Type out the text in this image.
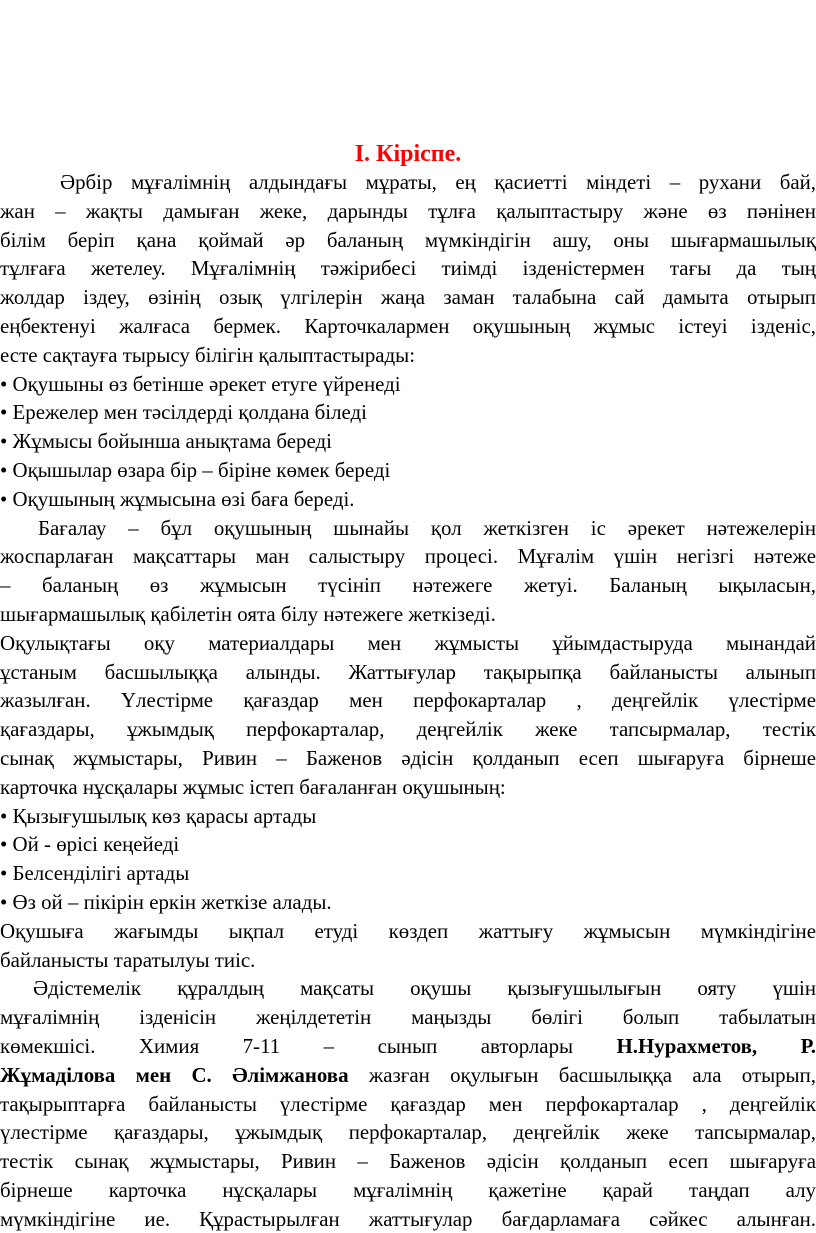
I. Кіріспе.
Әрбір мұғалімнің алдындағы мұраты, ең қасиетті міндеті – рухани бай,
жан – жақты дамыған жеке, дарынды тұлға қалыптастыру және өз пәнінен
білім беріп қана қоймай әр баланың мүмкіндігін ашу, оны шығармашылық
тұлғаға жетелеу. Мұғалімнің тәжірибесі тиімді ізденістермен тағы да тың
жолдар іздеу, өзінің озық үлгілерін жаңа заман талабына сай дамыта отырып
еңбектенуі жалғаса бермек. Карточкалармен оқушының жұмыс істеуі ізденіс,
есте сақтауға тырысу білігін қалыптастырады:
• Оқушыны өз бетінше әрекет етуге үйренеді
• Ережелер мен тәсілдерді қолдана біледі
• Жұмысы бойынша анықтама береді
• Оқышылар өзара бір – біріне көмек береді
• Оқушының жұмысына өзі баға береді.
Бағалау – бұл оқушының шынайы қол жеткізген іс әрекет нәтежелерін
жоспарлаған мақсаттары ман салыстыру процесі. Мұғалім үшін негізгі нәтеже
– баланың өз жұмысын түсініп нәтежеге жетуі. Баланың ықыласын,
шығармашылық қабілетін оята білу нәтежеге жеткізеді.
Оқулықтағы оқу материалдары мен жұмысты ұйымдастыруда мынандай
ұстаным басшылыққа алынды. Жаттығулар тақырыпқа байланысты алынып
жазылған. Үлестірме қағаздар мен перфокарталар , деңгейлік үлестірме
қағаздары, ұжымдық перфокарталар, деңгейлік жеке тапсырмалар, тестік
сынақ жұмыстары, Ривин – Баженов әдісін қолданып есеп шығаруға бірнеше
карточка нұсқалары жұмыс істеп бағаланған оқушының:
• Қызығушылық көз қарасы артады
• Ой - өрісі кеңейеді
• Белсенділігі артады
• Өз ой – пікірін еркін жеткізе алады.
Оқушыға жағымды ықпал етуді көздеп жаттығу жұмысын мүмкіндігіне
байланысты таратылуы тиіс.
Әдістемелік құралдың мақсаты оқушы қызығушылығын ояту үшін
мұғалімнің ізденісін жеңілдететін маңызды бөлігі болып табылатын
көмекшісі. Химия 7-11 – сынып авторлары Н.Нурахметов, Р.
Жұмаділова мен С. Әлімжанова жазған оқулығын басшылыққа ала отырып,
тақырыптарға байланысты үлестірме қағаздар мен перфокарталар , деңгейлік
үлестірме қағаздары, ұжымдық перфокарталар, деңгейлік жеке тапсырмалар,
тестік сынақ жұмыстары, Ривин – Баженов әдісін қолданып есеп шығаруға
бірнеше карточка нұсқалары мұғалімнің қажетіне қарай таңдап алу
мүмкіндігіне ие. Құрастырылған жаттығулар бағдарламаға сәйкес алынған.
